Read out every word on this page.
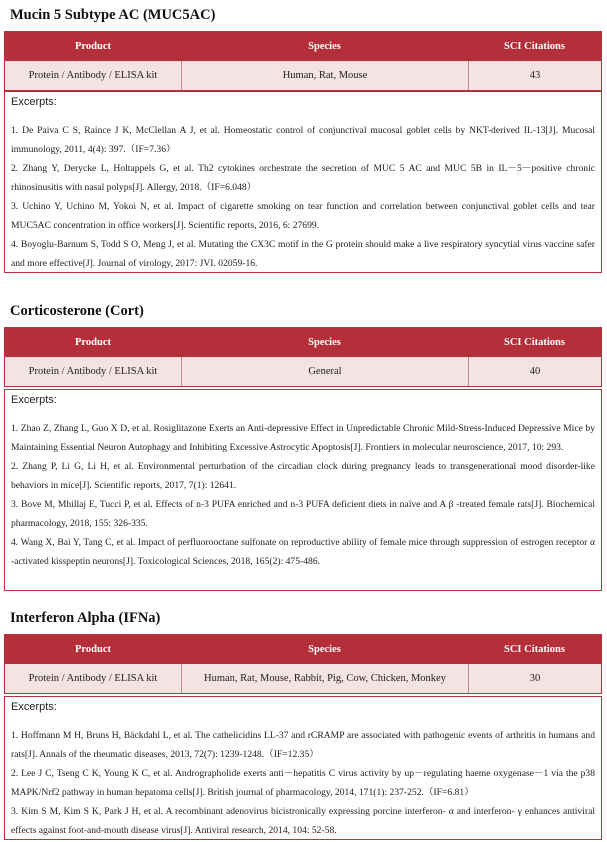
Mucin 5 Subtype AC (MUC5AC)
Product	Species	SCI Citations
Protein / Antibody / ELISA kit	Human, Rat, Mouse	43
Excerpts:
1. De Paiva C S, Raince J K, McClellan A J, et al. Homeostatic control of conjunctival mucosal goblet cells by NKT-derived IL-13[J]. Mucosal immunology, 2011, 4(4): 397.（IF=7.36）
2. Zhang Y, Derycke L, Holtappels G, et al. Th2 cytokines orchestrate the secretion of MUC 5 AC and MUC 5B in IL－5－positive chronic rhinosinusitis with nasal polyps[J]. Allergy, 2018.（IF=6.048）
3. Uchino Y, Uchino M, Yokoi N, et al. Impact of cigarette smoking on tear function and correlation between conjunctival goblet cells and tear MUC5AC concentration in office workers[J]. Scientific reports, 2016, 6: 27699.
4. Boyoglu-Barnum S, Todd S O, Meng J, et al. Mutating the CX3C motif in the G protein should make a live respiratory syncytial virus vaccine safer and more effective[J]. Journal of virology, 2017: JVI. 02059-16.
Corticosterone (Cort)
Product	Species	SCI Citations
Protein / Antibody / ELISA kit	General	40
Excerpts:
1. Zhao Z, Zhang L, Guo X D, et al. Rosiglitazone Exerts an Anti-depressive Effect in Unpredictable Chronic Mild-Stress-Induced Depressive Mice by Maintaining Essential Neuron Autophagy and Inhibiting Excessive Astrocytic Apoptosis[J]. Frontiers in molecular neuroscience, 2017, 10: 293.
2. Zhang P, Li G, Li H, et al. Environmental perturbation of the circadian clock during pregnancy leads to transgenerational mood disorder-like behaviors in mice[J]. Scientific reports, 2017, 7(1): 12641.
3. Bove M, Mhillaj E, Tucci P, et al. Effects of n-3 PUFA enriched and n-3 PUFA deficient diets in naïve and A β -treated female rats[J]. Biochemical pharmacology, 2018, 155: 326-335.
4. Wang X, Bai Y, Tang C, et al. Impact of perfluorooctane sulfonate on reproductive ability of female mice through suppression of estrogen receptor α -activated kisspeptin neurons[J]. Toxicological Sciences, 2018, 165(2): 475-486.
Interferon Alpha (IFNa)
Product	Species	SCI Citations
Protein / Antibody / ELISA kit	Human, Rat, Mouse, Rabbit, Pig, Cow, Chicken, Monkey	30
Excerpts:
1. Hoffmann M H, Bruns H, Bäckdahl L, et al. The cathelicidins LL-37 and rCRAMP are associated with pathogenic events of arthritis in humans and rats[J]. Annals of the rheumatic diseases, 2013, 72(7): 1239-1248.（IF=12.35）
2. Lee J C, Tseng C K, Young K C, et al. Andrographolide exerts anti－hepatitis C virus activity by up－regulating haeme oxygenase－1 via the p38 MAPK/Nrf2 pathway in human hepatoma cells[J]. British journal of pharmacology, 2014, 171(1): 237-252.（IF=6.81）
3. Kim S M, Kim S K, Park J H, et al. A recombinant adenovirus bicistronically expressing porcine interferon- α and interferon- γ enhances antiviral effects against foot-and-mouth disease virus[J]. Antiviral research, 2014, 104: 52-58.
